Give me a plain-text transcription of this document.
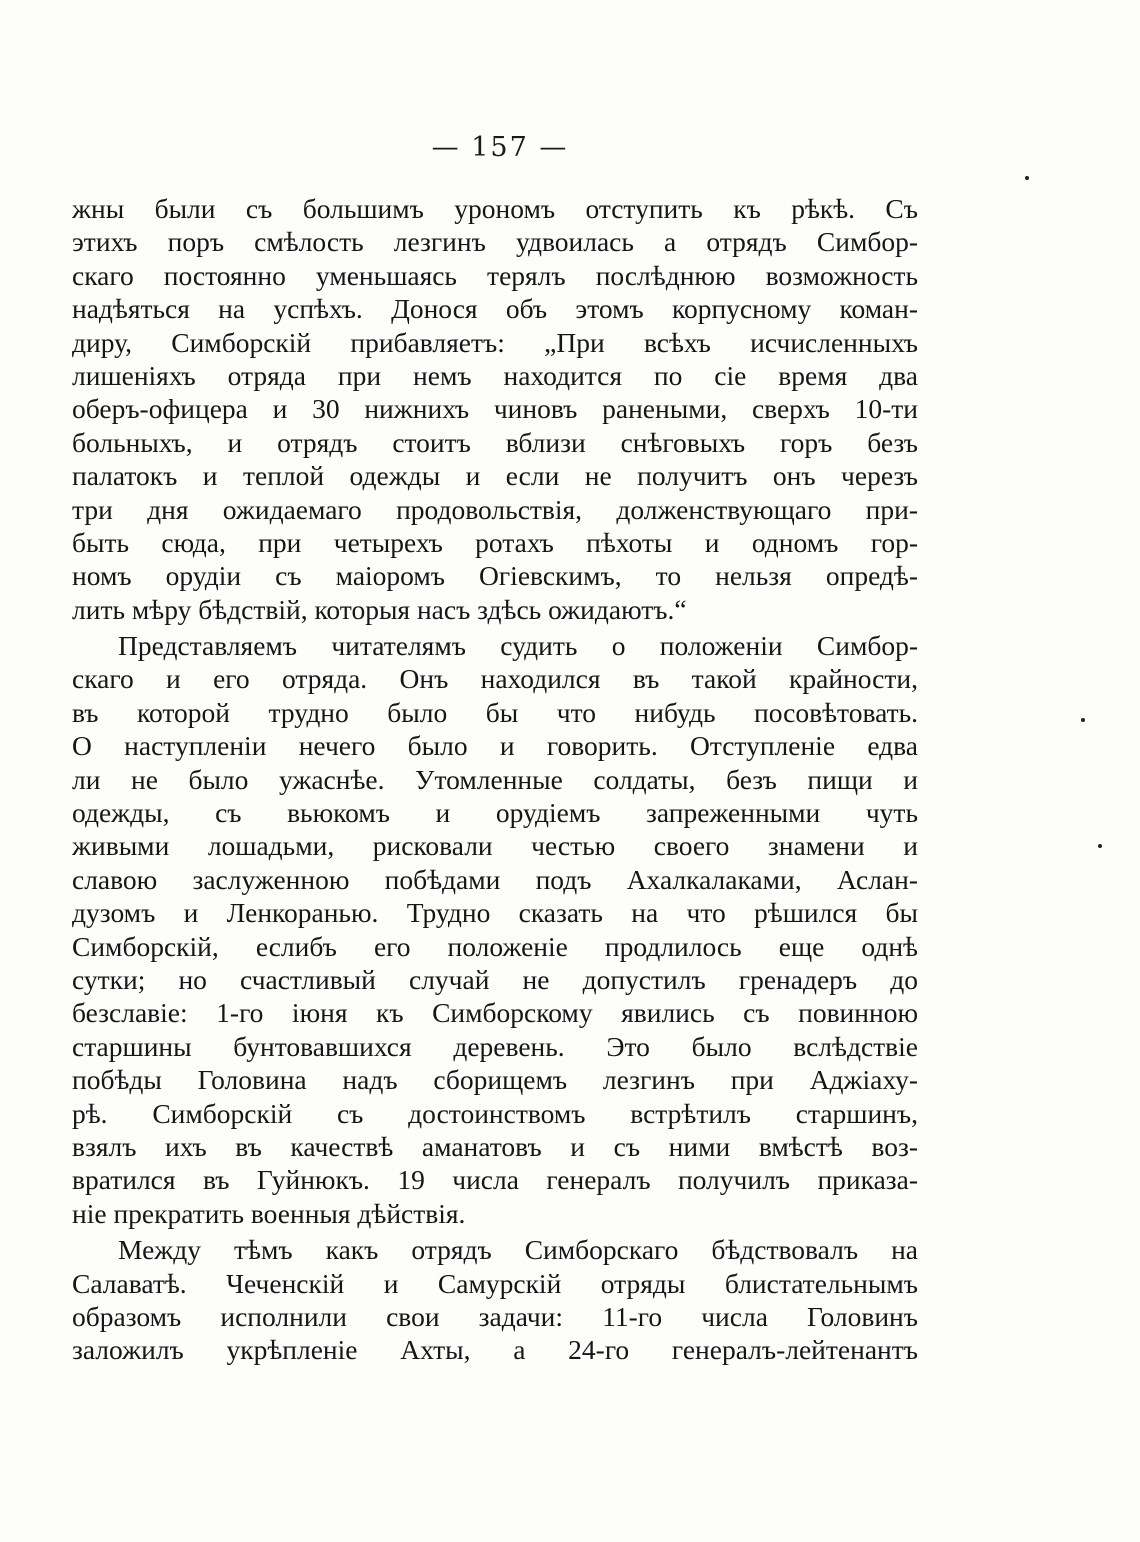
— 157 —
жны были съ большимъ урономъ отступить къ рѣкѣ. Съ
этихъ поръ смѣлость лезгинъ удвоилась а отрядъ Симбор-
скаго постоянно уменьшаясь терялъ послѣднюю возможность
надѣяться на успѣхъ. Донося объ этомъ корпусному коман-
диру, Симборскій прибавляетъ: „При всѣхъ исчисленныхъ
лишеніяхъ отряда при немъ находится по сіе время два
оберъ-офицера и 30 нижнихъ чиновъ ранеными, сверхъ 10-ти
больныхъ, и отрядъ стоитъ вблизи снѣговыхъ горъ безъ
палатокъ и теплой одежды и если не получитъ онъ черезъ
три дня ожидаемаго продовольствія, долженствующаго при-
быть сюда, при четырехъ ротахъ пѣхоты и одномъ гор-
номъ орудіи съ маіоромъ Огіевскимъ, то нельзя опредѣ-
лить мѣру бѣдствій, которыя насъ здѣсь ожидаютъ.“
Представляемъ читателямъ судить о положеніи Симбор-
скаго и его отряда. Онъ находился въ такой крайности,
въ которой трудно было бы что нибудь посовѣтовать.
О наступленіи нечего было и говорить. Отступленіе едва
ли не было ужаснѣе. Утомленные солдаты, безъ пищи и
одежды, съ вьюкомъ и орудіемъ запреженными чуть
живыми лошадьми, рисковали честью своего знамени и
славою заслуженною побѣдами подъ Ахалкалаками, Аслан-
дузомъ и Ленкоранью. Трудно сказать на что рѣшился бы
Симборскій, еслибъ его положеніе продлилось еще однѣ
сутки; но счастливый случай не допустилъ гренадеръ до
безславіе: 1-го іюня къ Симборскому явились съ повинною
старшины бунтовавшихся деревень. Это было вслѣдствіе
побѣды Головина надъ сборищемъ лезгинъ при Аджіаху-
рѣ. Симборскій съ достоинствомъ встрѣтилъ старшинъ,
взялъ ихъ въ качествѣ аманатовъ и съ ними вмѣстѣ воз-
вратился въ Гуйнюкъ. 19 числа генералъ получилъ приказа-
ніе прекратить военныя дѣйствія.
Между тѣмъ какъ отрядъ Симборскаго бѣдствовалъ на
Салаватѣ. Чеченскій и Самурскій отряды блистательнымъ
образомъ исполнили свои задачи: 11-го числа Головинъ
заложилъ укрѣпленіе Ахты, а 24-го генералъ-лейтенантъ
